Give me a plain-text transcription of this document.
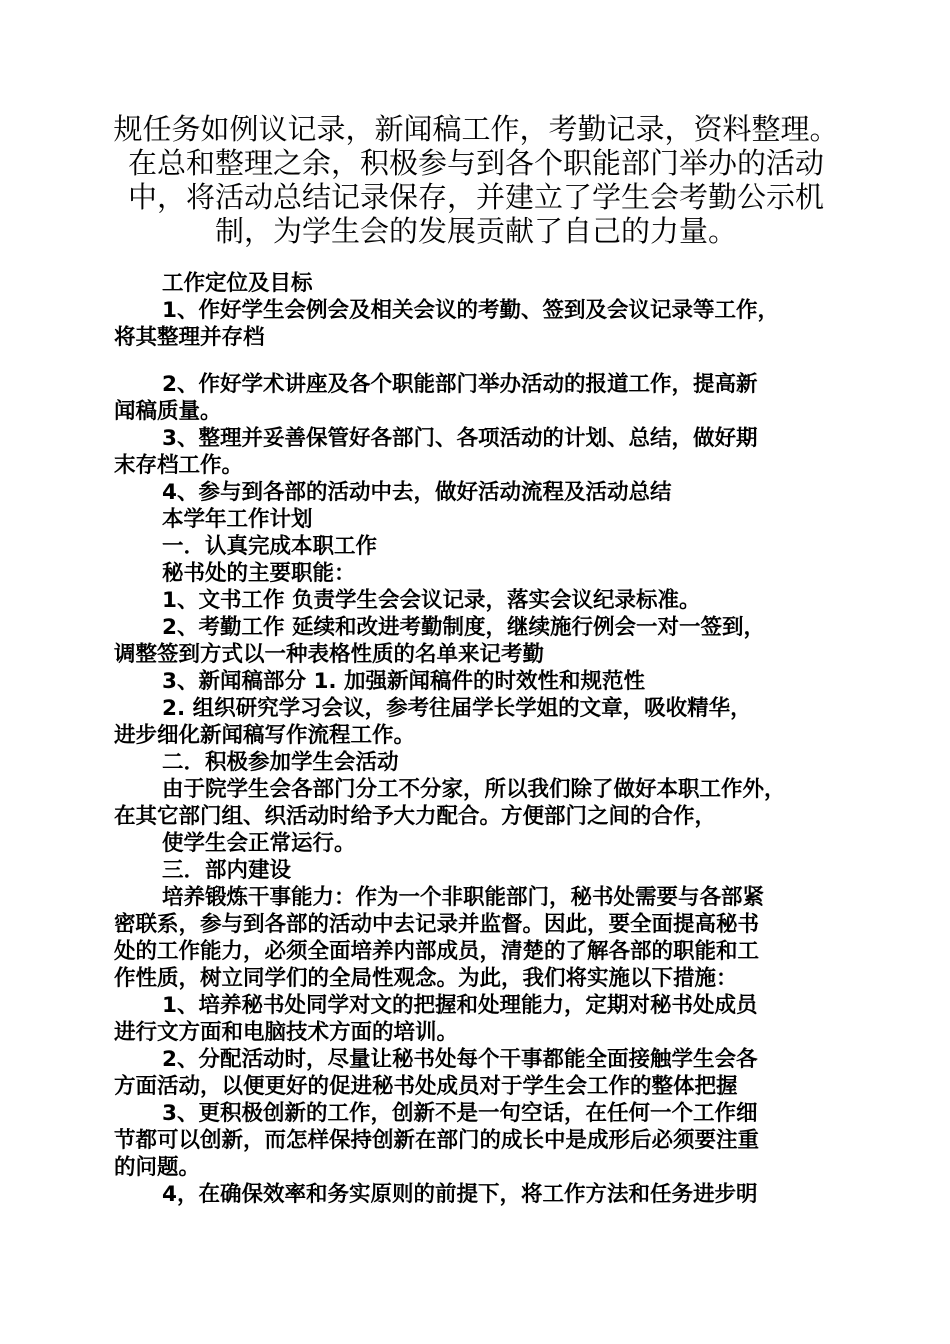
规任务如例议记录，新闻稿工作，考勤记录，资料整理。
在总和整理之余，积极参与到各个职能部门举办的活动
中，将活动总结记录保存，并建立了学生会考勤公示机
制，为学生会的发展贡献了自己的力量。
工作定位及目标
1、作好学生会例会及相关会议的考勤、签到及会议记录等工作，
将其整理并存档
2、作好学术讲座及各个职能部门举办活动的报道工作，提高新
闻稿质量。
3、整理并妥善保管好各部门、各项活动的计划、总结，做好期
末存档工作。
4、参与到各部的活动中去，做好活动流程及活动总结
本学年工作计划
一．认真完成本职工作
秘书处的主要职能：
1、文书工作 负责学生会会议记录，落实会议纪录标准。
2、考勤工作 延续和改进考勤制度，继续施行例会一对一签到，
调整签到方式以一种表格性质的名单来记考勤
3、新闻稿部分 1. 加强新闻稿件的时效性和规范性
2. 组织研究学习会议，参考往届学长学姐的文章，吸收精华，
进步细化新闻稿写作流程工作。
二．积极参加学生会活动
由于院学生会各部门分工不分家，所以我们除了做好本职工作外，
在其它部门组、织活动时给予大力配合。方便部门之间的合作，
使学生会正常运行。
三．部内建设
培养锻炼干事能力：作为一个非职能部门，秘书处需要与各部紧
密联系，参与到各部的活动中去记录并监督。因此，要全面提高秘书
处的工作能力，必须全面培养内部成员，清楚的了解各部的职能和工
作性质，树立同学们的全局性观念。为此，我们将实施以下措施：
1、培养秘书处同学对文的把握和处理能力，定期对秘书处成员
进行文方面和电脑技术方面的培训。
2、分配活动时，尽量让秘书处每个干事都能全面接触学生会各
方面活动，以便更好的促进秘书处成员对于学生会工作的整体把握
3、更积极创新的工作，创新不是一句空话，在任何一个工作细
节都可以创新，而怎样保持创新在部门的成长中是成形后必须要注重
的问题。
4，在确保效率和务实原则的前提下，将工作方法和任务进步明
